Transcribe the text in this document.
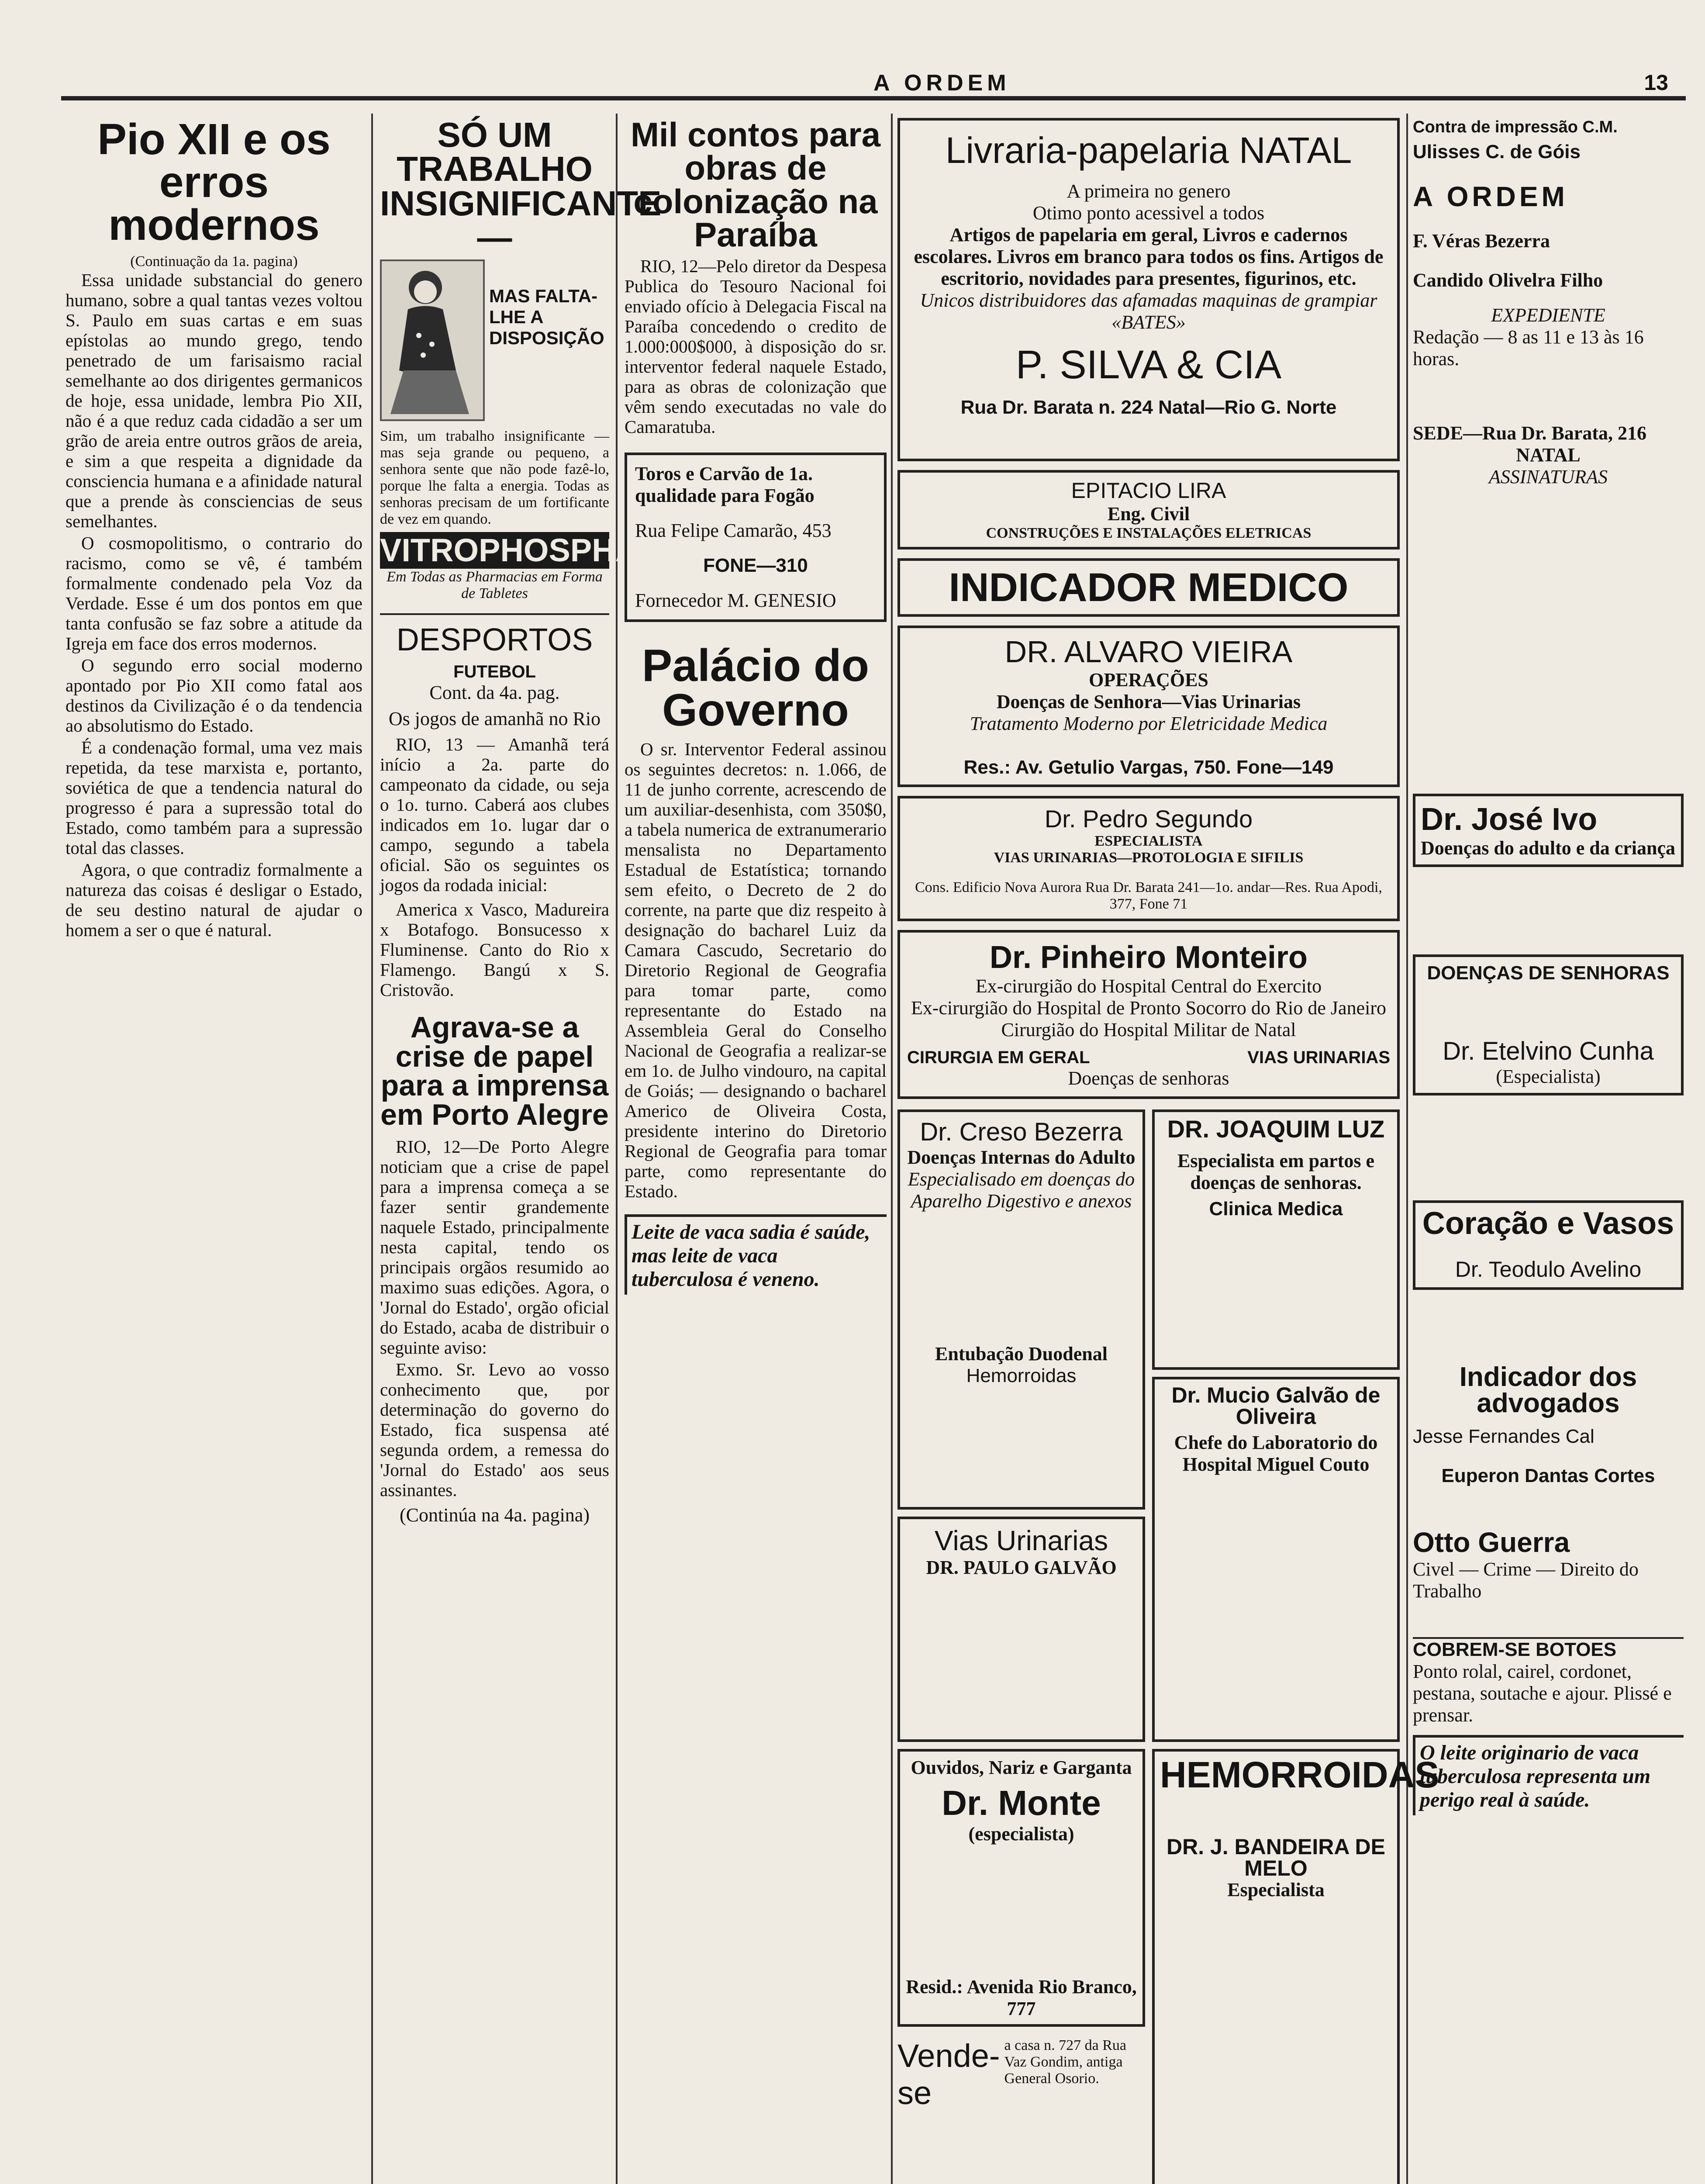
A ORDEM	13
Pio XII e os erros modernos
(Continuação da 1a. pagina)

Essa unidade substancial do genero humano, sobre a qual tantas vezes voltou S. Paulo em suas cartas e em suas epístolas ao mundo grego, tendo penetrado de um farisaismo racial semelhante ao dos dirigentes germanicos de hoje, essa unidade, lembra Pio XII, não é a que reduz cada cidadão a ser um grão de areia entre outros grãos de areia, e sim a que respeita a dignidade da consciencia humana e a afinidade natural que a prende às consciencias de seus semelhantes.

O cosmopolitismo, o contrario do racismo, como se vê, é também formalmente condenado pela Voz da Verdade. Esse é um dos pontos em que tanta confusão se faz sobre a atitude da Igreja em face dos erros modernos.

O segundo erro social moderno apontado por Pio XII como fatal aos destinos da Civilização é o da tendencia ao absolutismo do Estado.

É a condenação formal, uma vez mais repetida, da tese marxista e, portanto, soviética de que a tendencia natural do progresso é para a supressão total do Estado, como também para a supressão total das classes.

Agora, o que contradiz formalmente a natureza das coisas é desligar o Estado, de seu destino natural de ajudar o homem a ser o que é natural.

SÓ UM TRABALHO INSIGNIFICANTE—
MAS FALTA-LHE A DISPOSIÇÃO
Sim, um trabalho insignificante — mas seja grande ou pequeno, a senhora sente que não pode fazê-lo, porque lhe falta a energia. Todas as senhoras precisam de um fortificante de vez em quando.
VITROPHOSPHATO
Em Todas as Pharmacias em Forma de Tabletes
DESPORTOS
FUTEBOL
Cont. da 4a. pag.
Os jogos de amanhã no Rio

RIO, 13 — Amanhã terá início a 2a. parte do campeonato da cidade, ou seja o 1o. turno. Caberá aos clubes indicados em 1o. lugar dar o campo, segundo a tabela oficial. São os seguintes os jogos da rodada inicial:

America x Vasco, Madureira x Botafogo. Bonsucesso x Fluminense. Canto do Rio x Flamengo. Bangú x S. Cristovão.

Agrava-se a crise de papel para a imprensa em Porto Alegre

RIO, 12—De Porto Alegre noticiam que a crise de papel para a imprensa começa a se fazer sentir grandemente naquele Estado, principalmente nesta capital, tendo os principais orgãos resumido ao maximo suas edições. Agora, o 'Jornal do Estado', orgão oficial do Estado, acaba de distribuir o seguinte aviso:

Exmo. Sr. Levo ao vosso conhecimento que, por determinação do governo do Estado, fica suspensa até segunda ordem, a remessa do 'Jornal do Estado' aos seus assinantes.

(Continúa na 4a. pagina)
Mil contos para obras de colonização na Paraíba

RIO, 12—Pelo diretor da Despesa Publica do Tesouro Nacional foi enviado ofício à Delegacia Fiscal na Paraíba concedendo o credito de 1.000:000$000, à disposição do sr. interventor federal naquele Estado, para as obras de colonização que vêm sendo executadas no vale do Camaratuba.

Toros e Carvão de 1a. qualidade para Fogão
Rua Felipe Camarão, 453
FONE—310
Fornecedor M. GENESIO
Palácio do Governo

O sr. Interventor Federal assinou os seguintes decretos: n. 1.066, de 11 de junho corrente, acrescendo de um auxiliar-desenhista, com 350$0, a tabela numerica de extranumerario mensalista no Departamento Estadual de Estatística; tornando sem efeito, o Decreto de 2 do corrente, na parte que diz respeito à designação do bacharel Luiz da Camara Cascudo, Secretario do Diretorio Regional de Geografia para tomar parte, como representante do Estado na Assembleia Geral do Conselho Nacional de Geografia a realizar-se em 1o. de Julho vindouro, na capital de Goiás; — designando o bacharel Americo de Oliveira Costa, presidente interino do Diretorio Regional de Geografia para tomar parte, como representante do Estado.

Leite de vaca sadia é saúde, mas leite de vaca tuberculosa é veneno.
Livraria-papelaria NATAL
A primeira no genero
Otimo ponto acessivel a todos
Artigos de papelaria em geral, Livros e cadernos escolares. Livros em branco para todos os fins. Artigos de escritorio, novidades para presentes, figurinos, etc.
Unicos distribuidores das afamadas maquinas de grampiar «BATES»
P. SILVA & CIA
Rua Dr. Barata n. 224 Natal—Rio G. Norte
EPITACIO LIRA
Eng. Civil
CONSTRUÇÕES E INSTALAÇÕES ELETRICAS
INDICADOR MEDICO
DR. ALVARO VIEIRA
OPERAÇÕES
Doenças de Senhora—Vias Urinarias
Tratamento Moderno por Eletricidade Medica
Res.: Av. Getulio Vargas, 750. Fone—149
Dr. Pedro Segundo
ESPECIALISTA
VIAS URINARIAS—PROTOLOGIA E SIFILIS
Cons. Edificio Nova Aurora Rua Dr. Barata 241—1o. andar—Res. Rua Apodi, 377, Fone 71
Dr. Pinheiro Monteiro
Ex-cirurgião do Hospital Central do Exercito
Ex-cirurgião do Hospital de Pronto Socorro do Rio de Janeiro
Cirurgião do Hospital Militar de Natal
CIRURGIA EM GERAL	VIAS URINARIAS
Doenças de senhoras
Dr. Creso Bezerra
Doenças Internas do Adulto
Especialisado em doenças do Aparelho Digestivo e anexos
Entubação Duodenal
Hemorroidas
Vias Urinarias
DR. PAULO GALVÃO
Ouvidos, Nariz e Garganta
Dr. Monte
(especialista)
Resid.: Avenida Rio Branco, 777
Vende-se
a casa n. 727 da Rua Vaz Gondim, antiga General Osorio.
DR. JOAQUIM LUZ
Especialista em partos e doenças de senhoras.
Clinica Medica
Dr. Mucio Galvão de Oliveira
Chefe do Laboratorio do Hospital Miguel Couto
HEMORROIDAS
DR. J. BANDEIRA DE MELO
Especialista
Contra de impressão C.M.
Ulisses C. de Góis
A ORDEM
F. Véras Bezerra
Candido Olivelra Filho
EXPEDIENTE
Redação — 8 as 11 e 13 às 16 horas.
SEDE—Rua Dr. Barata, 216
NATAL
ASSINATURAS
Dr. José Ivo
Doenças do adulto e da criança
DOENÇAS DE SENHORAS
Dr. Etelvino Cunha
(Especialista)
Coração e Vasos
Dr. Teodulo Avelino
Indicador dos advogados
Jesse Fernandes Cal
Euperon Dantas Cortes
Otto Guerra
Civel — Crime — Direito do Trabalho
COBREM-SE BOTOES
Ponto rolal, cairel, cordonet, pestana, soutache e ajour. Plissé e prensar.
O leite originario de vaca tuberculosa representa um perigo real à saúde.
